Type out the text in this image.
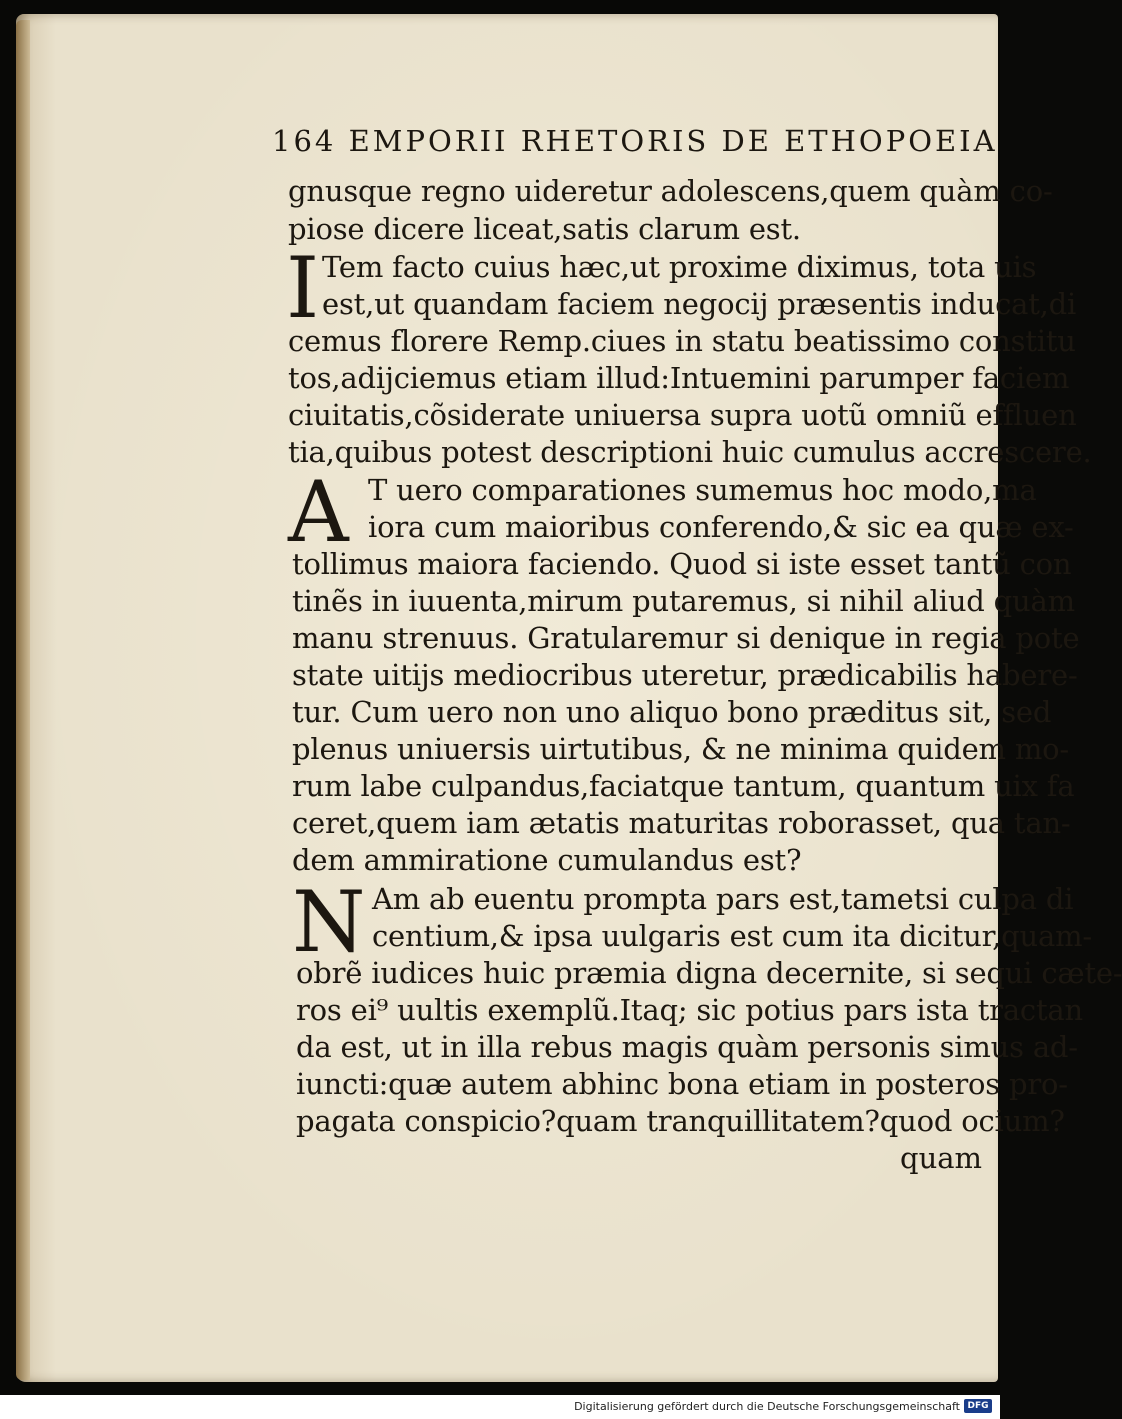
164 EMPORII RHETORIS DE ETHOPOEIA
gnusque regno uideretur adolescens,quem quàm co-
piose dicere liceat,satis clarum est.
I Tem facto cuius hæc,ut proxime diximus, tota uis
est,ut quandam faciem negocij præsentis inducat,di
cemus florere Remp.ciues in statu beatissimo constitu
tos,adijciemus etiam illud:Intuemini parumper faciem
ciuitatis,cõsiderate uniuersa supra uotũ omniũ effluen
tia,quibus potest descriptioni huic cumulus accrescere.
A T uero comparationes sumemus hoc modo,ma
iora cum maioribus conferendo,& sic ea quæ ex-
tollimus maiora faciendo. Quod si iste esset tantũ con
tinẽs in iuuenta,mirum putaremus, si nihil aliud quàm
manu strenuus. Gratularemur si denique in regia pote
state uitijs mediocribus uteretur, prædicabilis habere-
tur. Cum uero non uno aliquo bono præditus sit, sed
plenus uniuersis uirtutibus, & ne minima quidem mo-
rum labe culpandus,faciatque tantum, quantum uix fa
ceret,quem iam ætatis maturitas roborasset, qua tan-
dem ammiratione cumulandus est?
N Am ab euentu prompta pars est,tametsi culpa di
centium,& ipsa uulgaris est cum ita dicitur,quam-
obrẽ iudices huic præmia digna decernite, si sequi cæte-
ros ei⁹ uultis exemplũ.Itaq; sic potius pars ista tractan
da est, ut in illa rebus magis quàm personis simus ad-
iuncti:quæ autem abhinc bona etiam in posteros pro-
pagata conspicio?quam tranquillitatem?quod ocium?
quam
Digitalisierung gefördert durch die Deutsche Forschungsgemeinschaft DFG
